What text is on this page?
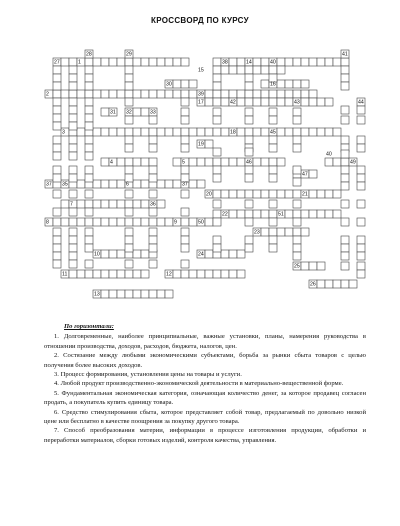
КРОССВОРД ПО КУРСУ
28	29	41
27	1	38	14	40
15
30	16
2	39
17	42	43	44
31 32	33
3	18	45
19
40
4	5	46	49
47
37 35	6	37
20	21
7	36
22	51
8	9	50
23
10	24
25
11	12
26
13
По горизонтали:
1. Долговременные, наиболее принципиальные, важные установки, планы, намерения руководства в отношении производства, доходов, расходов, бюджета, налогов, цен.
2. Состязание между любыми экономическими субъектами, борьба за рынки сбыта товаров с целью получения более высоких доходов.
3. Процесс формирования, установления цены на товары и услуги.
4. Любой продукт производственно-экономической деятельности в материально-вещественной форме.
5. Фундаментальная экономическая категория, означающая количество денег, за которое продавец согласен продать, а покупатель купить единицу товара.
6. Средство стимулирования сбыта, которое представляет собой товар, предлагаемый по довольно низкой цене или бесплатно в качестве поощрения за покупку другого товара.
7. Способ преобразования материи, информации в процессе изготовления продукции, обработки и переработки материалов, сборки готовых изделий, контроля качества, управления.
